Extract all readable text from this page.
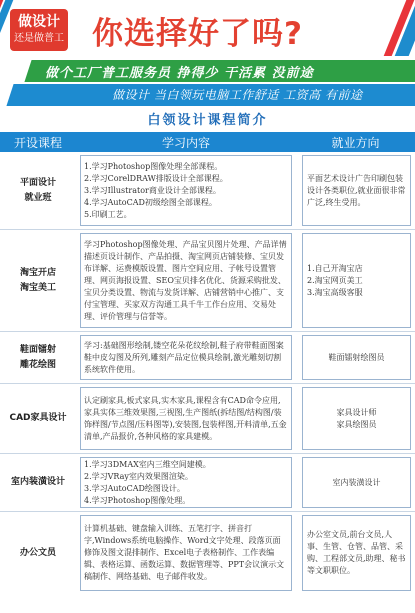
做设计
还是做普工 你选择好了吗?
做个工厂普工服务员 挣得少 干活累 没前途
做设计 当白领玩电脑工作舒适 工资高 有前途
白领设计课程简介
开设课程	学习内容	就业方向
平面设计
就业班
1.学习Photoshop图像处理全部课程。
2.学习CorelDRAW排版设计全部课程。
3.学习Illustrator商业设计全部课程。
4.学习AutoCAD初级绘图全部课程。
5.印刷工艺。
平面艺术设计广告印刷包装设计各类职位,就业面很非常广泛,终生受用。
淘宝开店
淘宝美工
学习Photoshop图像处理、产品宝贝图片处理、产品详情描述页设计制作、产品拍摄、淘宝网页店铺装修、宝贝发布详解、运费模版设置、图片空间应用、子帐号设置管理、网页海报设置、SEO宝贝排名优化、货源采购批发、宝贝分类设置、物流与发货详解、店铺营销中心推广、支付宝管理、买家双方沟通工具千牛工作台应用、交易处理、评价管理与信誉等。
1.自己开淘宝店
2.淘宝网页美工
3.淘宝高级客服
鞋面镭射
雕花绘图
学习:基础图形绘制,镂空花朵花纹绘制,鞋子府带鞋面图案鞋中皮勾图及所列,雕刻产品定位模具绘制,激光雕刻切割系统软件使用。
鞋面镭射绘图员
CAD家具设计
认定刷家具,板式家具,实木家具,课程含有CAD命令应用,家具实体三维效果图,三视图,生产图纸(拆结图/结构图/装饰样图/节点图/压料图等),安装图,包装样图,开料清单,五金清单,产品报价,各种风格的家具建模。
家具设计师
家具绘图员
室内装潢设计
1.学习3DMAX室内三维空间建模。
2.学习VRay室内效果图渲染。
3.学习AutoCAD绘图设计。
4.学习Photoshop图像处理。
室内装潢设计
办公文员
计算机基础、键盘输入训练、五笔打字、拼音打字,Windows系统电脑操作、Word文字处理、段落页面修饰及图文混排制作、Excel电子表格制作、工作表编辑、表格运算、函数运算、数据管理等、PPT会议演示文稿制作、网络基础、电子邮件收发。
办公室文员,前台文员,人事、生管、仓管、品管、采购、工程部文员,助理、秘书等文职职位。
